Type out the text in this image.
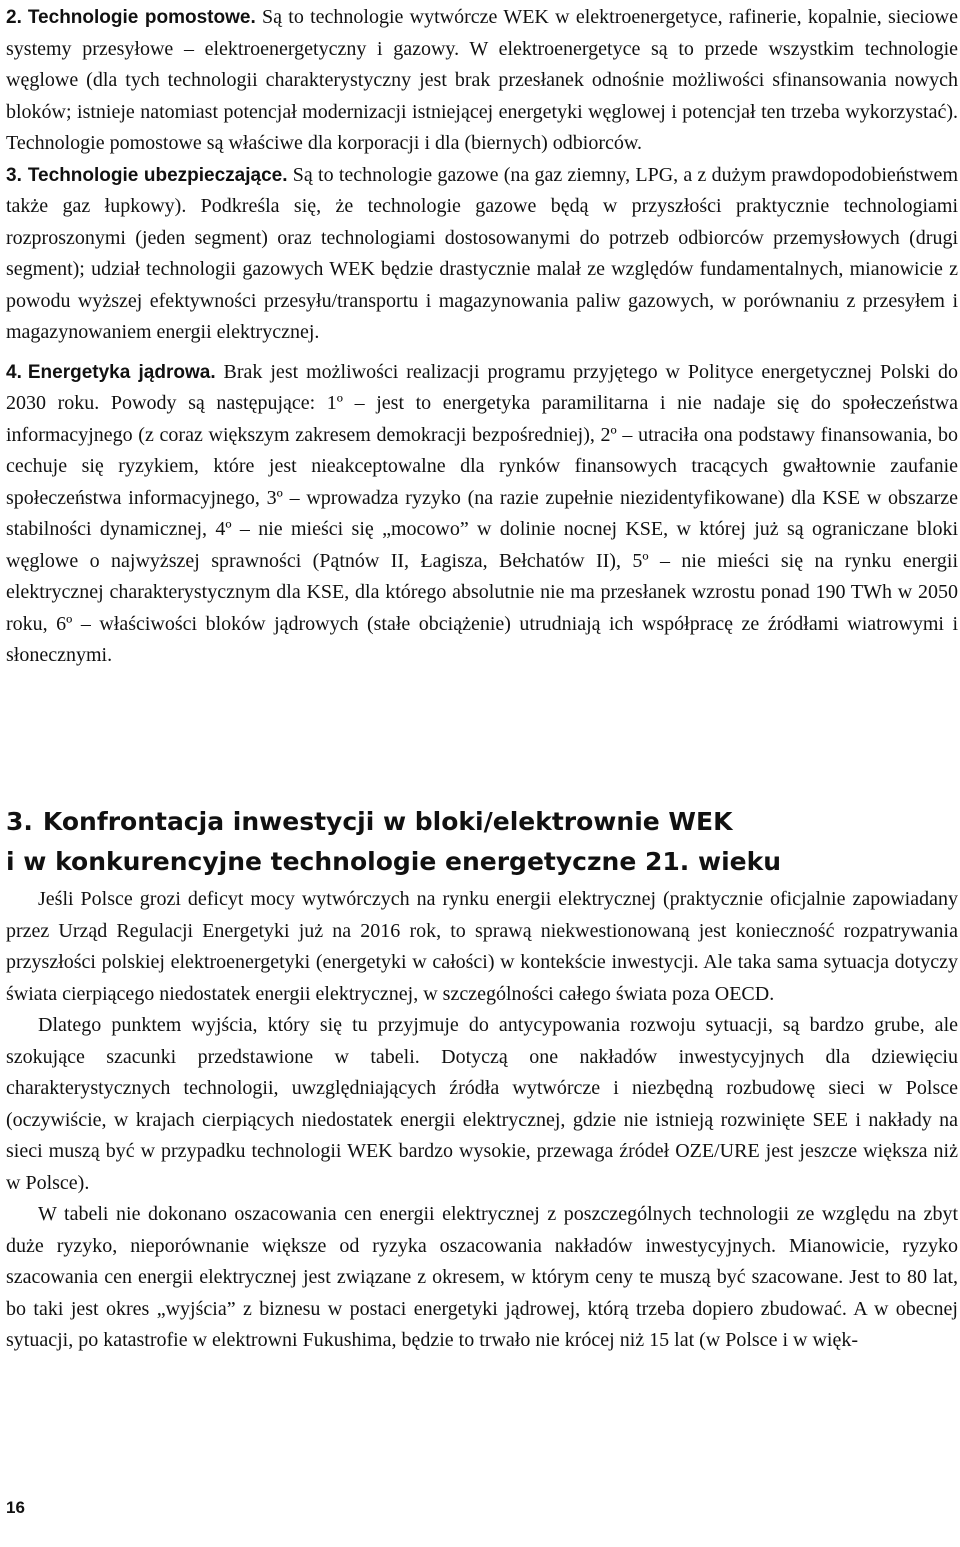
2. Technologie pomostowe. Są to technologie wytwórcze WEK w elektroenergetyce, rafinerie, kopalnie, sieciowe systemy przesyłowe – elektroenergetyczny i gazowy. W elektroenergetyce są to przede wszystkim technologie węglowe (dla tych technologii charakterystyczny jest brak przesłanek odnośnie możliwości sfinansowania nowych bloków; istnieje natomiast potencjał modernizacji istniejącej energetyki węglowej i potencjał ten trzeba wykorzystać). Technologie pomostowe są właściwe dla korporacji i dla (biernych) odbiorców.

3. Technologie ubezpieczające. Są to technologie gazowe (na gaz ziemny, LPG, a z dużym prawdopodobieństwem także gaz łupkowy). Podkreśla się, że technologie gazowe będą w przyszłości praktycznie technologiami rozproszonymi (jeden segment) oraz technologiami dostosowanymi do potrzeb odbiorców przemysłowych (drugi segment); udział technologii gazowych WEK będzie drastycznie malał ze względów fundamentalnych, mianowicie z powodu wyższej efektywności przesyłu/transportu i magazynowania paliw gazowych, w porównaniu z przesyłem i magazynowaniem energii elektrycznej.

4. Energetyka jądrowa. Brak jest możliwości realizacji programu przyjętego w Polityce energetycznej Polski do 2030 roku. Powody są następujące: 1º – jest to energetyka paramilitarna i nie nadaje się do społeczeństwa informacyjnego (z coraz większym zakresem demokracji bezpośredniej), 2º – utraciła ona podstawy finansowania, bo cechuje się ryzykiem, które jest nieakceptowalne dla rynków finansowych tracących gwałtownie zaufanie społeczeństwa informacyjnego, 3º – wprowadza ryzyko (na razie zupełnie niezidentyfikowane) dla KSE w obszarze stabilności dynamicznej, 4º – nie mieści się „mocowo” w dolinie nocnej KSE, w której już są ograniczane bloki węglowe o najwyższej sprawności (Pątnów II, Łagisza, Bełchatów II), 5º – nie mieści się na rynku energii elektrycznej charakterystycznym dla KSE, dla którego absolutnie nie ma przesłanek wzrostu ponad 190 TWh w 2050 roku, 6º – właściwości bloków jądrowych (stałe obciążenie) utrudniają ich współpracę ze źródłami wiatrowymi i słonecznymi.

3. Konfrontacja inwestycji w bloki/elektrownie WEK
i w konkurencyjne technologie energetyczne 21. wieku

Jeśli Polsce grozi deficyt mocy wytwórczych na rynku energii elektrycznej (praktycznie oficjalnie zapowiadany przez Urząd Regulacji Energetyki już na 2016 rok, to sprawą niekwestionowaną jest konieczność rozpatrywania przyszłości polskiej elektroenergetyki (energetyki w całości) w kontekście inwestycji. Ale taka sama sytuacja dotyczy świata cierpiącego niedostatek energii elektrycznej, w szczególności całego świata poza OECD.

Dlatego punktem wyjścia, który się tu przyjmuje do antycypowania rozwoju sytuacji, są bardzo grube, ale szokujące szacunki przedstawione w tabeli. Dotyczą one nakładów inwestycyjnych dla dziewięciu charakterystycznych technologii, uwzględniających źródła wytwórcze i niezbędną rozbudowę sieci w Polsce (oczywiście, w krajach cierpiących niedostatek energii elektrycznej, gdzie nie istnieją rozwinięte SEE i nakłady na sieci muszą być w przypadku technologii WEK bardzo wysokie, przewaga źródeł OZE/URE jest jeszcze większa niż w Polsce).

W tabeli nie dokonano oszacowania cen energii elektrycznej z poszczególnych technologii ze względu na zbyt duże ryzyko, nieporównanie większe od ryzyka oszacowania nakładów inwestycyjnych. Mianowicie, ryzyko szacowania cen energii elektrycznej jest związane z okresem, w którym ceny te muszą być szacowane. Jest to 80 lat, bo taki jest okres „wyjścia” z biznesu w postaci energetyki jądrowej, którą trzeba dopiero zbudować. A w obecnej sytuacji, po katastrofie w elektrowni Fukushima, będzie to trwało nie krócej niż 15 lat (w Polsce i w więk-

16
